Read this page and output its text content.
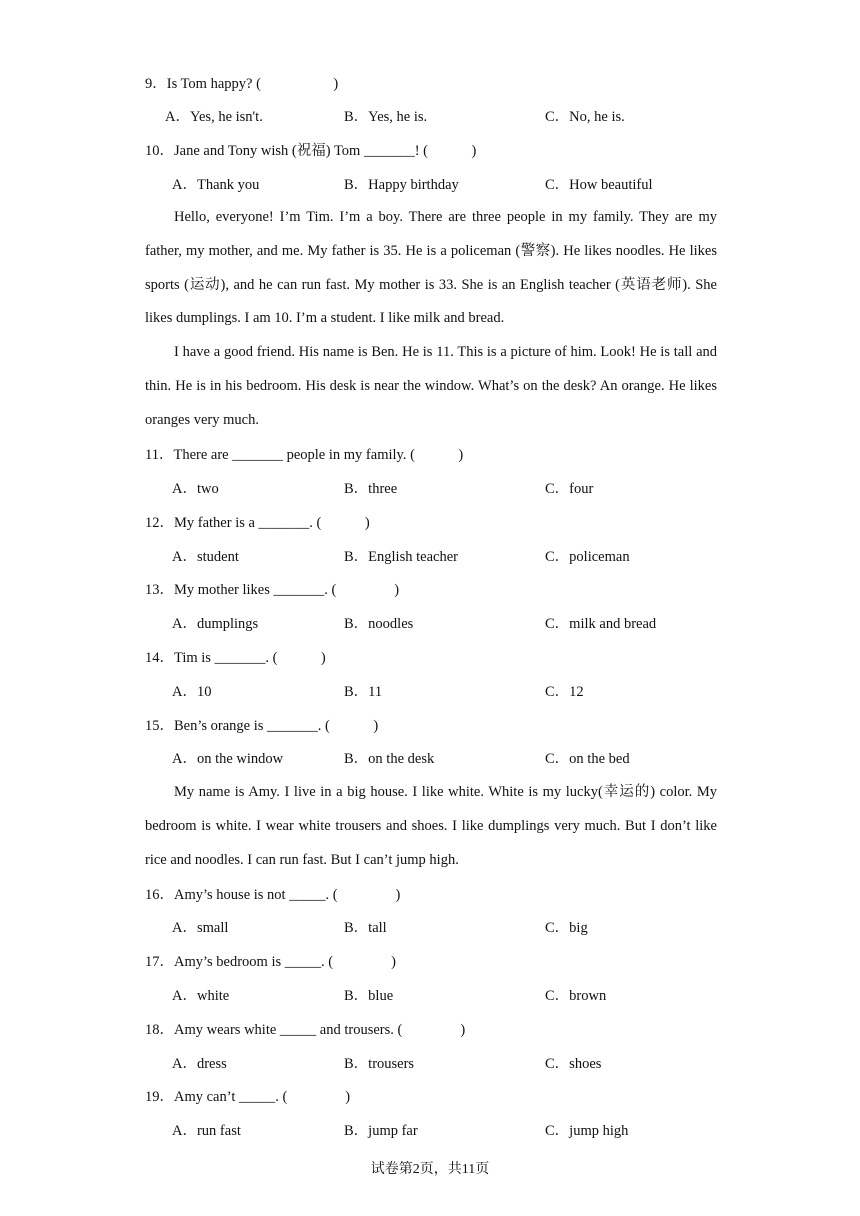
9．Is Tom happy? (　　　　　)
A．Yes, he isn't.	B．Yes, he is.	C．No, he is.
10．Jane and Tony wish (祝福) Tom _______! (　　　)
A．Thank you	B．Happy birthday	C．How beautiful

Hello, everyone! I’m Tim. I’m a boy. There are three people in my family. They are my father, my mother, and me. My father is 35. He is a policeman (警察). He likes noodles. He likes sports (运动), and he can run fast. My mother is 33. She is an English teacher (英语老师). She likes dumplings. I am 10. I’m a student. I like milk and bread.

I have a good friend. His name is Ben. He is 11. This is a picture of him. Look! He is tall and thin. He is in his bedroom. His desk is near the window. What’s on the desk? An orange. He likes oranges very much.

11．There are _______ people in my family. (　　　)
A．two	B．three	C．four
12．My father is a _______. (　　　)
A．student	B．English teacher	C．policeman
13．My mother likes _______. (　　　　)
A．dumplings	B．noodles	C．milk and bread
14．Tim is _______. (　　　)
A．10	B．11	C．12
15．Ben’s orange is _______. (　　　)
A．on the window	B．on the desk	C．on the bed

My name is Amy. I live in a big house. I like white. White is my lucky(幸运的) color. My bedroom is white. I wear white trousers and shoes. I like dumplings very much. But I don’t like rice and noodles. I can run fast. But I can’t jump high.

16．Amy’s house is not _____. (　　　　)
A．small	B．tall	C．big
17．Amy’s bedroom is _____. (　　　　)
A．white	B．blue	C．brown
18．Amy wears white _____ and trousers. (　　　　)
A．dress	B．trousers	C．shoes
19．Amy can’t _____. (　　　　)
A．run fast	B．jump far	C．jump high
试卷第2页，共11页
